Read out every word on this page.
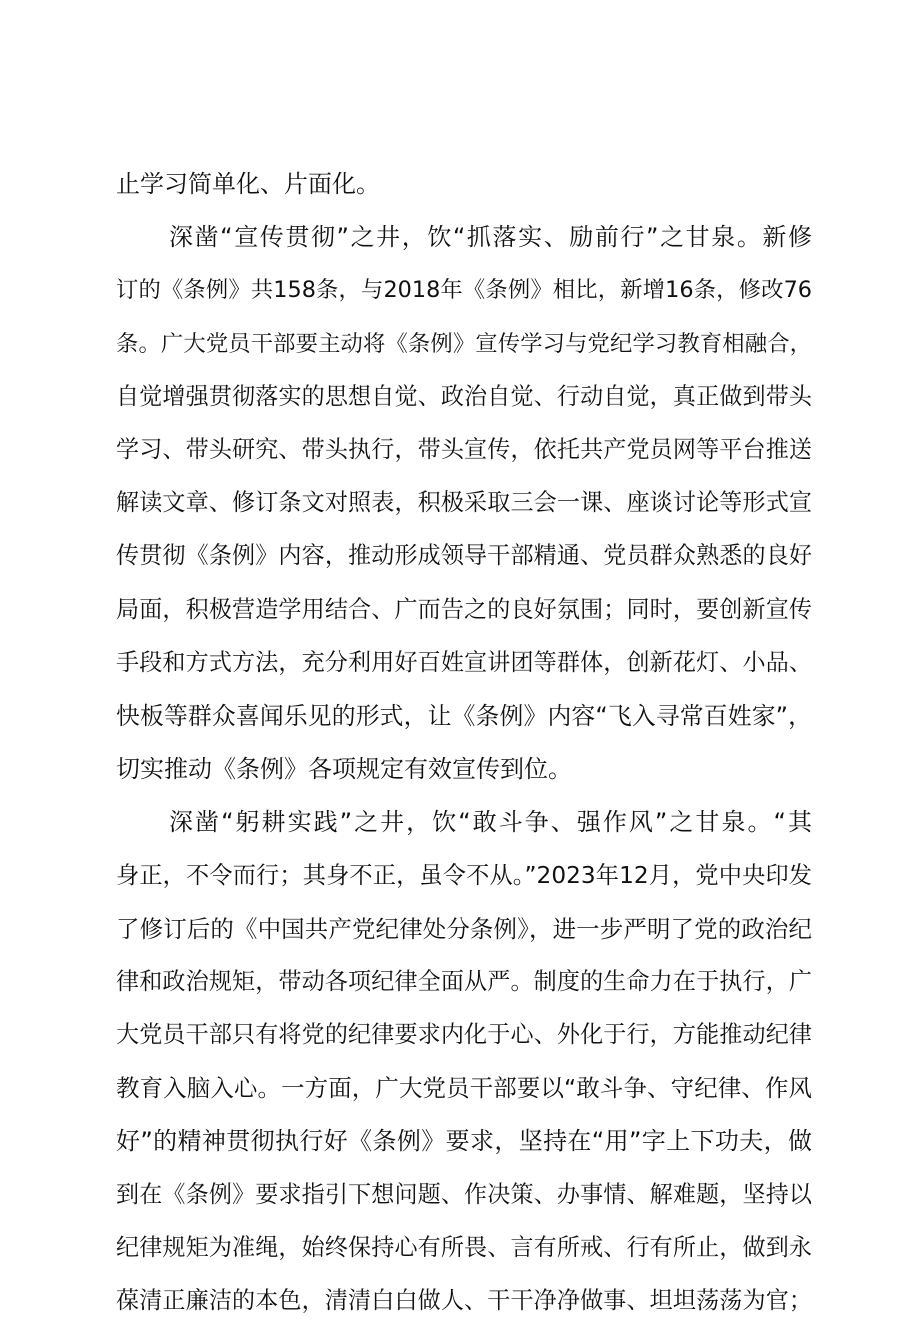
止学习简单化、片面化。
深凿“宣传贯彻”之井，饮“抓落实、励前行”之甘泉。新修
订的《条例》共158条，与2018年《条例》相比，新增16条，修改76
条。广大党员干部要主动将《条例》宣传学习与党纪学习教育相融合，
自觉增强贯彻落实的思想自觉、政治自觉、行动自觉，真正做到带头
学习、带头研究、带头执行，带头宣传，依托共产党员网等平台推送
解读文章、修订条文对照表，积极采取三会一课、座谈讨论等形式宣
传贯彻《条例》内容，推动形成领导干部精通、党员群众熟悉的良好
局面，积极营造学用结合、广而告之的良好氛围；同时，要创新宣传
手段和方式方法，充分利用好百姓宣讲团等群体，创新花灯、小品、
快板等群众喜闻乐见的形式，让《条例》内容“飞入寻常百姓家”，
切实推动《条例》各项规定有效宣传到位。
深凿“躬耕实践”之井，饮“敢斗争、强作风”之甘泉。“其
身正，不令而行；其身不正，虽令不从。”2023年12月，党中央印发
了修订后的《中国共产党纪律处分条例》，进一步严明了党的政治纪
律和政治规矩，带动各项纪律全面从严。制度的生命力在于执行，广
大党员干部只有将党的纪律要求内化于心、外化于行，方能推动纪律
教育入脑入心。一方面，广大党员干部要以“敢斗争、守纪律、作风
好”的精神贯彻执行好《条例》要求，坚持在“用”字上下功夫，做
到在《条例》要求指引下想问题、作决策、办事情、解难题，坚持以
纪律规矩为准绳，始终保持心有所畏、言有所戒、行有所止，做到永
葆清正廉洁的本色，清清白白做人、干干净净做事、坦坦荡荡为官；
